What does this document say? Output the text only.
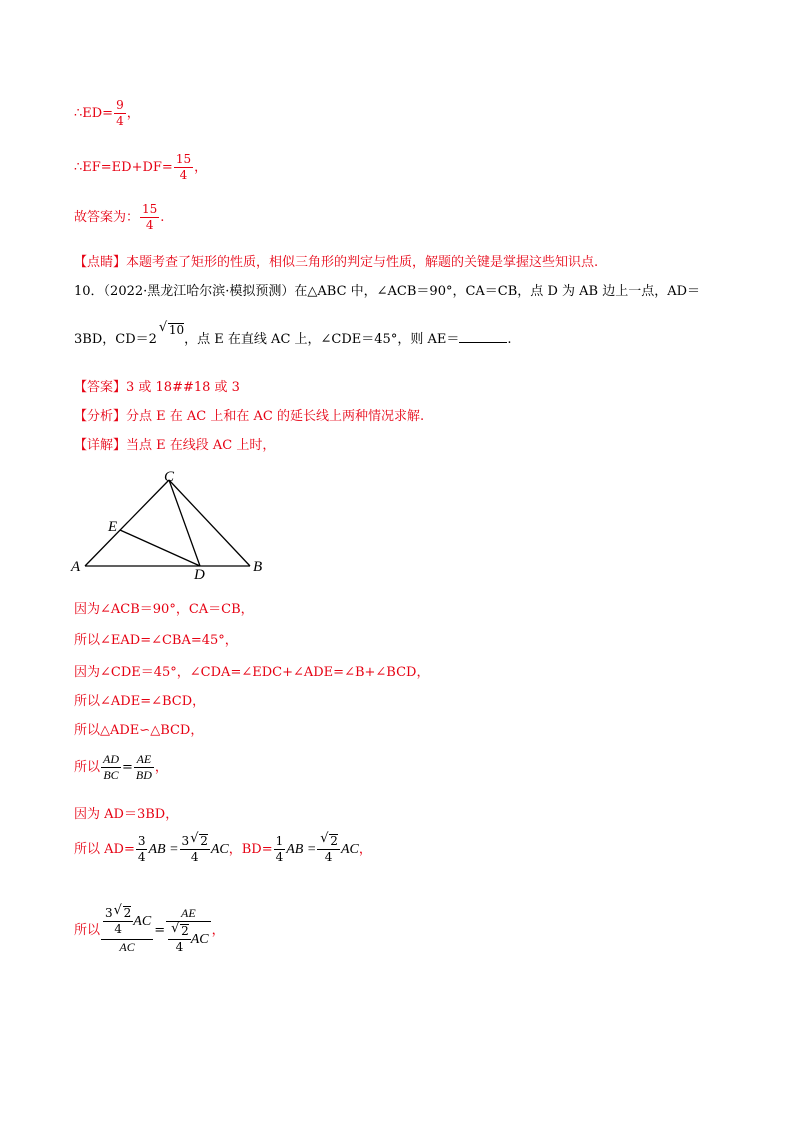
∴ED= $\frac{9}{4}$ ，
∴EF=ED+DF= $\frac{15}{4}$ ，
故答案为： $\frac{15}{4}$ .
【点睛】本题考查了矩形的性质，相似三角形的判定与性质，解题的关键是掌握这些知识点.
10．（2022·黑龙江哈尔滨·模拟预测）在△ABC 中，∠ACB＝90°，CA＝CB，点 D 为 AB 边上一点，AD＝
3BD，CD＝2√ 10，点 E 在直线 AC 上，∠CDE＝45°，则 AE＝	.
【答案】3 或 18##18 或 3
【分析】分点 E 在 AC 上和在 AC 的延长线上两种情况求解.
【详解】当点 E 在线段 AC 上时，
C
E
A	D	B
因为∠ACB＝90°，CA＝CB，
所以∠EAD=∠CBA=45°，
因为∠CDE＝45°，∠CDA=∠EDC+∠ADE=∠B+∠BCD，
所以∠ADE=∠BCD，
所以△ADE∽△BCD，
所以 $\frac{AD}{BC} = \frac{AE}{BD}$ ，
因为 AD＝3BD，
所以 $AD= \frac{3}{4}$ AB = $\frac{3 √ 2}{4}$ AC，$BD= \frac{1}{4}$ AB = √ $\frac{2}{4}$ AC，
所以 $\frac{\frac{3 √ 2}{4} AC}{AC}$ = AE
√ $\frac{2}{4}$ AC ，
